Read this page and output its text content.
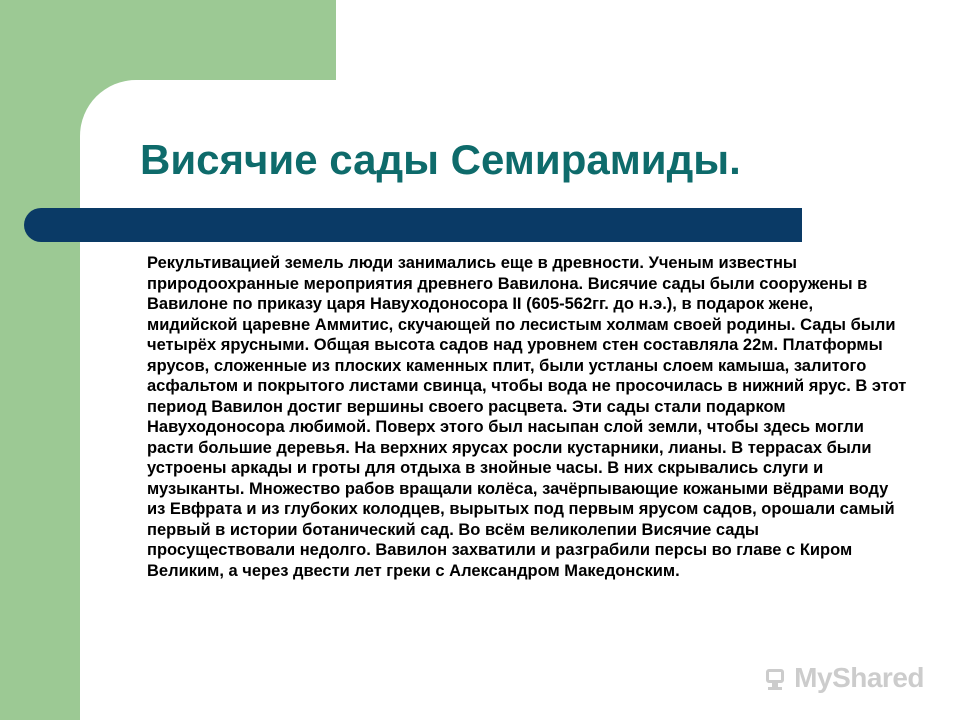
Висячие сады Семирамиды.

Рекультивацией земель люди занимались еще в древности. Ученым известны природоохранные мероприятия древнего Вавилона. Висячие сады были сооружены в Вавилоне по приказу царя Навуходоносора II (605-562гг. до н.э.), в подарок жене, мидийской царевне Аммитис, скучающей по лесистым холмам своей родины. Сады были четырёх ярусными. Общая высота садов над уровнем стен составляла 22м. Платформы ярусов, сложенные из плоских каменных плит, были устланы слоем камыша, залитого асфальтом и покрытого листами свинца, чтобы вода не просочилась в нижний ярус. В этот период Вавилон достиг вершины своего расцвета. Эти сады стали подарком Навуходоносора любимой. Поверх этого был насыпан слой земли, чтобы здесь могли расти большие деревья. На верхних ярусах росли кустарники, лианы. В террасах были устроены аркады и гроты для отдыха в знойные часы. В них скрывались слуги и музыканты. Множество рабов вращали колёса, зачёрпывающие кожаными вёдрами воду из Евфрата и из глубоких колодцев, вырытых под первым ярусом садов, орошали самый первый в истории ботанический сад. Во всём великолепии Висячие сады просуществовали недолго. Вавилон захватили и разграбили персы во главе с Киром Великим, а через двести лет греки с Александром Македонским.

MyShared
